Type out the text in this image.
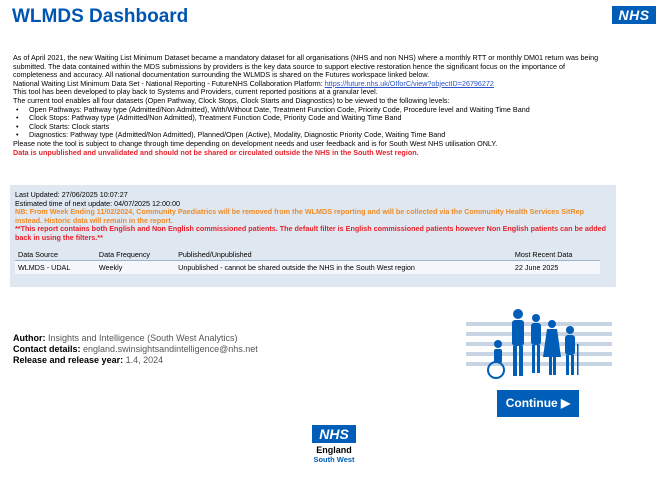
WLMDS Dashboard	NHS

As of April 2021, the new Waiting List Minimum Dataset became a mandatory dataset for all organisations (NHS and non NHS) where a monthly RTT or monthly DM01 return was being submitted. The data contained within the MDS submissions by providers is the key data source to support elective restoration hence the significant focus on the importance of completeness and accuracy. All national documentation surrounding the WLMDS is shared on the Futures workspace linked below.

National Waiting List Minimum Data Set - National Reporting - FutureNHS Collaboration Platform: https://future.nhs.uk/OIforC/view?objectID=26796272

This tool has been developed to play back to Systems and Providers, current reported positions at a granular level.

The current tool enables all four datasets (Open Pathway, Clock Stops, Clock Starts and Diagnostics) to be viewed to the following levels:

• Open Pathways: Pathway type (Admitted/Non Admitted), With/Without Date, Treatment Function Code, Priority Code, Procedure level and Waiting Time Band
• Clock Stops: Pathway type (Admitted/Non Admitted), Treatment Function Code, Priority Code and Waiting Time Band
• Clock Starts: Clock starts
• Diagnostics: Pathway type (Admitted/Non Admitted), Planned/Open (Active), Modality, Diagnostic Priority Code, Waiting Time Band

Please note the tool is subject to change through time depending on development needs and user feedback and is for South West NHS utilisation ONLY.

Data is unpublished and unvalidated and should not be shared or circulated outside the NHS in the South West region.

Last Updated: 27/06/2025 10:07:27
Estimated time of next update: 04/07/2025 12:00:00
NB: From Week Ending 11/02/2024, Community Paediatrics will be removed from the WLMDS reporting and will be collected via the Community Health Services SitRep instead. Historic data will remain in the report.
**This report contains both English and Non English commissioned patients. The default filter is English commissioned patients however Non English patients can be added back in using the filters.**
Data Source	Data Frequency	Published/Unpublished	Most Recent Data
WLMDS - UDAL	Weekly	Unpublished - cannot be shared outside the NHS in the South West region	22 June 2025
Author: Insights and Intelligence (South West Analytics)
Contact details: england.swinsightsandintelligence@nhs.net
Release and release year: 1.4, 2024
Continue ▶
NHS
England
South West
